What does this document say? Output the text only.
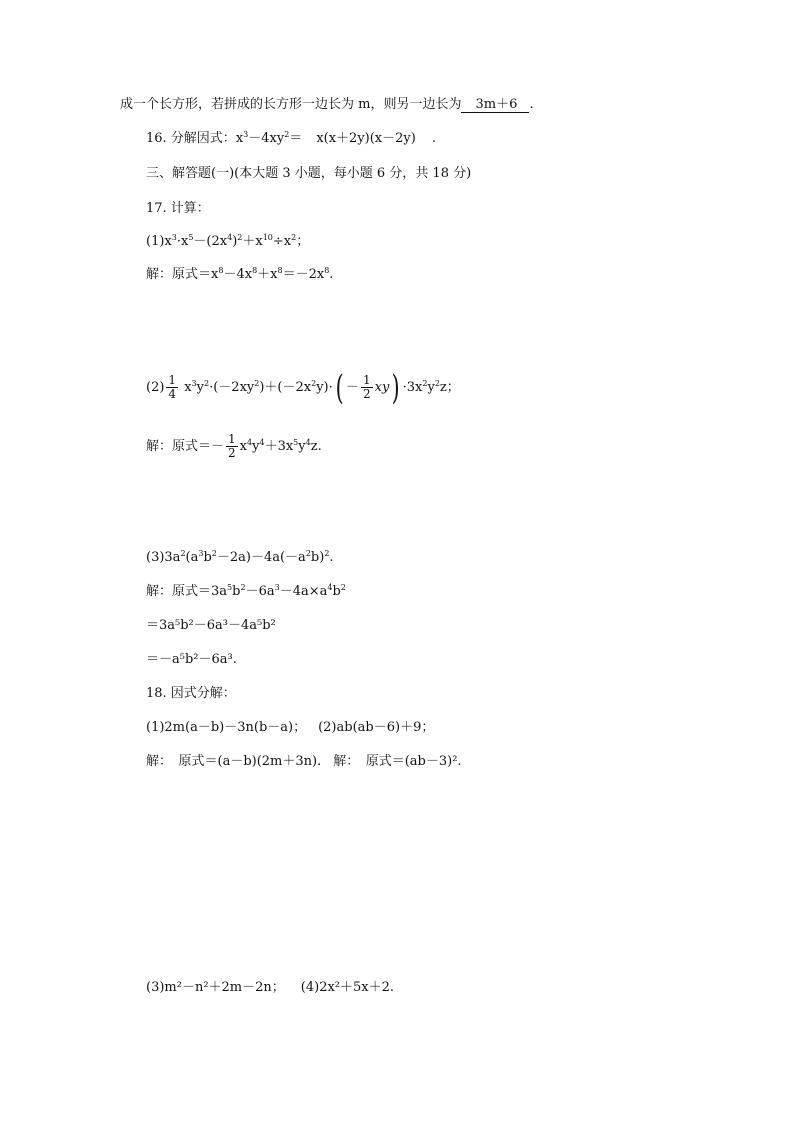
成一个长方形，若拼成的长方形一边长为 m，则另一边长为 3m＋6 .
16. 分解因式：$x^3-4xy^2= x(x+2y)(x-2y)$ .
三、解答题(一)(本大题 3 小题，每小题 6 分，共 18 分)
17. 计算：
$(1)x^3\cdot x^5-(2x^4)^2+x^{10}\div x^2$；
解：原式$=x^8-4x^8+x^8=-2x^8$.
$(2) \frac{1}{4} x^3y^2\cdot(-2xy^2)+(-2x^2y)\cdot( - \frac{1}{2} xy) \cdot 3x^2y^2z$；
解：原式＝－ $\frac{1}{2} x^4y^4+3x^5y^4z$.
$(3)3a^2(a^3b^2-2a)-4a(-a^2b)^2$.
解：原式$=3a^5b^2-6a^3-4a\times a^4b^2$
＝3a⁵b²－6a³－4a⁵b²
＝－a⁵b²－6a³.
18. 因式分解：
(1)2m(a－b)－3n(b－a)； (2)ab(ab－6)＋9；
解：　原式＝(a－b)(2m＋3n). 解：　原式＝(ab－3)².
(3)m²－n²＋2m－2n； (4)2x²＋5x＋2.
